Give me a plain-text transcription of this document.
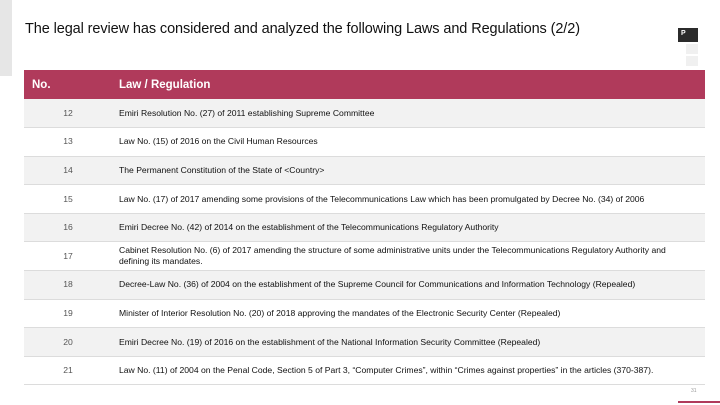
The legal review has considered and analyzed the following Laws and Regulations (2/2)	P
No.	Law / Regulation
12	Emiri Resolution No. (27) of 2011 establishing Supreme Committee
13	Law No. (15) of 2016 on the Civil Human Resources
14	The Permanent Constitution of the State of <Country>
15	Law No. (17) of 2017 amending some provisions of the Telecommunications Law which has been promulgated by Decree No. (34) of 2006
16	Emiri Decree No. (42) of 2014 on the establishment of the Telecommunications Regulatory Authority
17	Cabinet Resolution No. (6) of 2017 amending the structure of some administrative units under the Telecommunications Regulatory Authority and defining its mandates.
18	Decree-Law No. (36) of 2004 on the establishment of the Supreme Council for Communications and Information Technology (Repealed)
19	Minister of Interior Resolution No. (20) of 2018 approving the mandates of the Electronic Security Center (Repealed)
20	Emiri Decree No. (19) of 2016 on the establishment of the National Information Security Committee (Repealed)
21	Law No. (11) of 2004 on the Penal Code, Section 5 of Part 3, “Computer Crimes”, within “Crimes against properties” in the articles (370-387).
31
